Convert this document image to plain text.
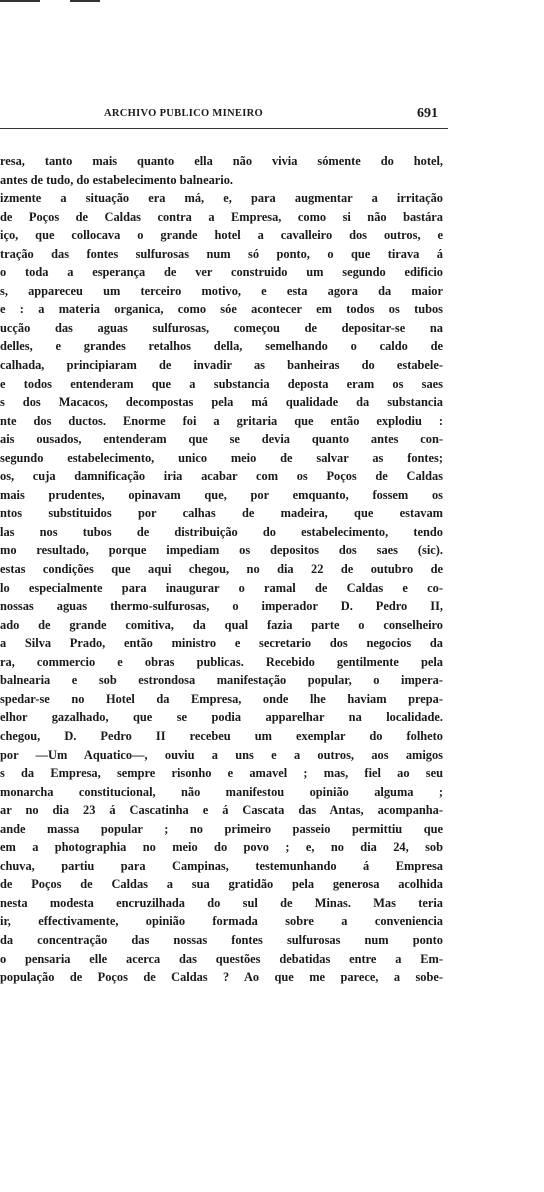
ARCHIVO PUBLICO MINEIRO	691
resa, tanto mais quanto ella não vivia sómente do hotel,
antes de tudo, do estabelecimento balneario.
izmente a situação era má, e, para augmentar a irritação
de Poços de Caldas contra a Empresa, como si não bastára
iço, que collocava o grande hotel a cavalleiro dos outros, e
tração das fontes sulfurosas num só ponto, o que tirava á
o toda a esperança de ver construido um segundo edificio
s, appareceu um terceiro motivo, e esta agora da maior
e : a materia organica, como sóe acontecer em todos os tubos
ucção das aguas sulfurosas, começou de depositar-se na
delles, e grandes retalhos della, semelhando o caldo de
calhada, principiaram de invadir as banheiras do estabele-
e todos entenderam que a substancia deposta eram os saes
s dos Macacos, decompostas pela má qualidade da substancia
nte dos ductos. Enorme foi a gritaria que então explodiu :
ais ousados, entenderam que se devia quanto antes con-
segundo estabelecimento, unico meio de salvar as fontes;
os, cuja damnificação iria acabar com os Poços de Caldas
mais prudentes, opinavam que, por emquanto, fossem os
ntos substituidos por calhas de madeira, que estavam
las nos tubos de distribuição do estabelecimento, tendo
mo resultado, porque impediam os depositos dos saes (sic).
estas condições que aqui chegou, no dia 22 de outubro de
lo especialmente para inaugurar o ramal de Caldas e co-
nossas aguas thermo-sulfurosas, o imperador D. Pedro II,
ado de grande comitiva, da qual fazia parte o conselheiro
a Silva Prado, então ministro e secretario dos negocios da
ra, commercio e obras publicas. Recebido gentilmente pela
balnearia e sob estrondosa manifestação popular, o impera-
spedar-se no Hotel da Empresa, onde lhe haviam prepa-
elhor gazalhado, que se podia apparelhar na localidade.
chegou, D. Pedro II recebeu um exemplar do folheto
por —Um Aquatico—, ouviu a uns e a outros, aos amigos
s da Empresa, sempre risonho e amavel ; mas, fiel ao seu
monarcha constitucional, não manifestou opinião alguma ;
ar no dia 23 á Cascatinha e á Cascata das Antas, acompanha-
ande massa popular ; no primeiro passeio permittiu que
em a photographia no meio do povo ; e, no dia 24, sob
chuva, partiu para Campinas, testemunhando á Empresa
de Poços de Caldas a sua gratidão pela generosa acolhida
nesta modesta encruzilhada do sul de Minas. Mas teria
ir, effectivamente, opinião formada sobre a conveniencia
da concentração das nossas fontes sulfurosas num ponto
o pensaria elle acerca das questões debatidas entre a Em-
população de Poços de Caldas ? Ao que me parece, a sobe-
